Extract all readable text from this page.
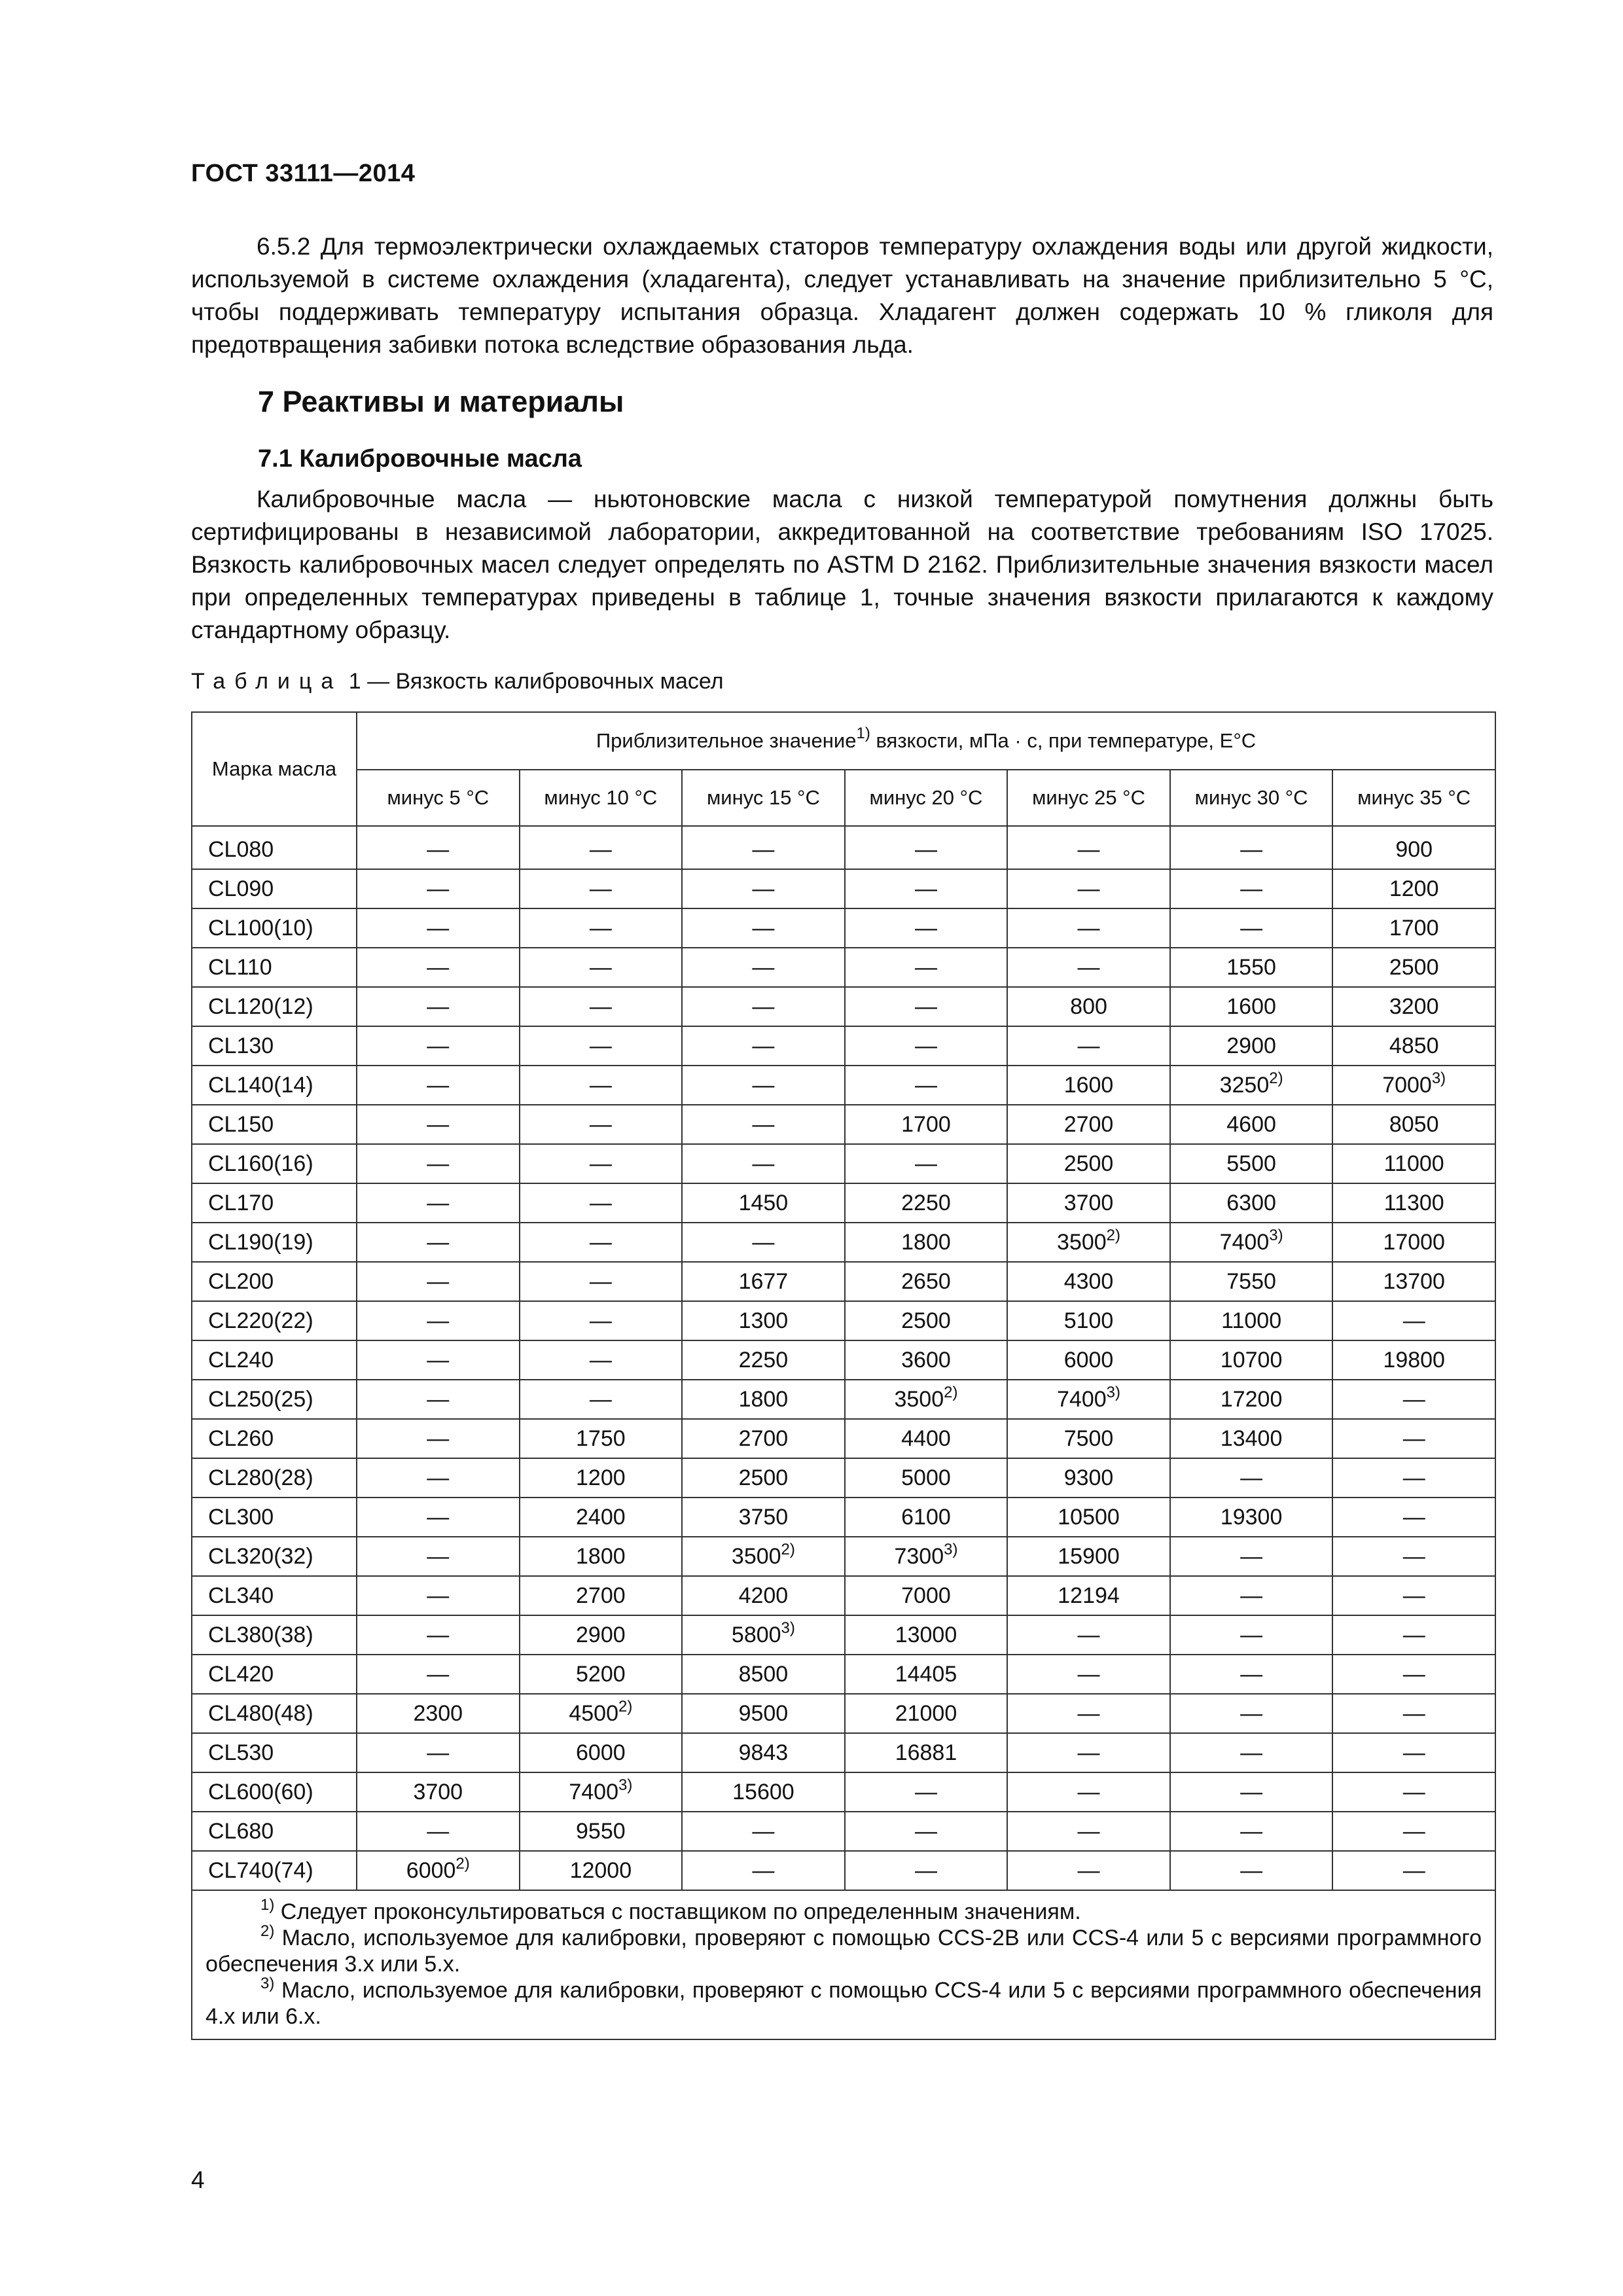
ГОСТ 33111—2014

6.5.2 Для термоэлектрически охлаждаемых статоров температуру охлаждения воды или другой жидкости, используемой в системе охлаждения (хладагента), следует устанавливать на значение приблизительно 5 °C, чтобы поддерживать температуру испытания образца. Хладагент должен содержать 10 % гликоля для предотвращения забивки потока вследствие образования льда.

7 Реактивы и материалы
7.1 Калибровочные масла

Калибровочные масла — ньютоновские масла с низкой температурой помутнения должны быть сертифицированы в независимой лаборатории, аккредитованной на соответствие требованиям ISO 17025. Вязкость калибровочных масел следует определять по ASTM D 2162. Приблизительные значения вязкости масел при определенных температурах приведены в таблице 1, точные значения вязкости прилагаются к каждому стандартному образцу.

Таблица 1 — Вязкость калибровочных масел
Марка масла	Приблизительное значение$^{1)}$ вязкости, мПа · с, при температуре, E°C						
	минус 5 °C	минус 10 °C	минус 15 °C	минус 20 °C	минус 25 °C	минус 30 °C	минус 35 °C
CL080	—	—	—	—	—	—	900
CL090	—	—	—	—	—	—	1200
CL100(10)	—	—	—	—	—	—	1700
CL110	—	—	—	—	—	1550	2500
CL120(12)	—	—	—	—	800	1600	3200
CL130	—	—	—	—	—	2900	4850
CL140(14)	—	—	—	—	1600	3250$^{2)}$	7000$^{3)}$
CL150	—	—	—	1700	2700	4600	8050
CL160(16)	—	—	—	—	2500	5500	11000
CL170	—	—	1450	2250	3700	6300	11300
CL190(19)	—	—	—	1800	3500$^{2)}$	7400$^{3)}$	17000
CL200	—	—	1677	2650	4300	7550	13700
CL220(22)	—	—	1300	2500	5100	11000	—
CL240	—	—	2250	3600	6000	10700	19800
CL250(25)	—	—	1800	3500$^{2)}$	7400$^{3)}$	17200	—
CL260	—	1750	2700	4400	7500	13400	—
CL280(28)	—	1200	2500	5000	9300	—	—
CL300	—	2400	3750	6100	10500	19300	—
CL320(32)	—	1800	3500$^{2)}$	7300$^{3)}$	15900	—	—
CL340	—	2700	4200	7000	12194	—	—
CL380(38)	—	2900	5800$^{3)}$	13000	—	—	—
CL420	—	5200	8500	14405	—	—	—
CL480(48)	2300	4500$^{2)}$	9500	21000	—	—	—
CL530	—	6000	9843	16881	—	—	—
CL600(60)	3700	7400$^{3)}$	15600	—	—	—	—
CL680	—	9550	—	—	—	—	—
CL740(74)	6000$^{2)}$	12000	—	—	—	—	—

$^{1)}$ Следует проконсультироваться с поставщиком по определенным значениям.

$^{2)}$ Масло, используемое для калибровки, проверяют с помощью CCS-2B или CCS-4 или 5 с версиями программного обеспечения 3.x или 5.x.

$^{3)}$ Масло, используемое для калибровки, проверяют с помощью CCS-4 или 5 с версиями программного обеспечения 4.x или 6.x.							

4
